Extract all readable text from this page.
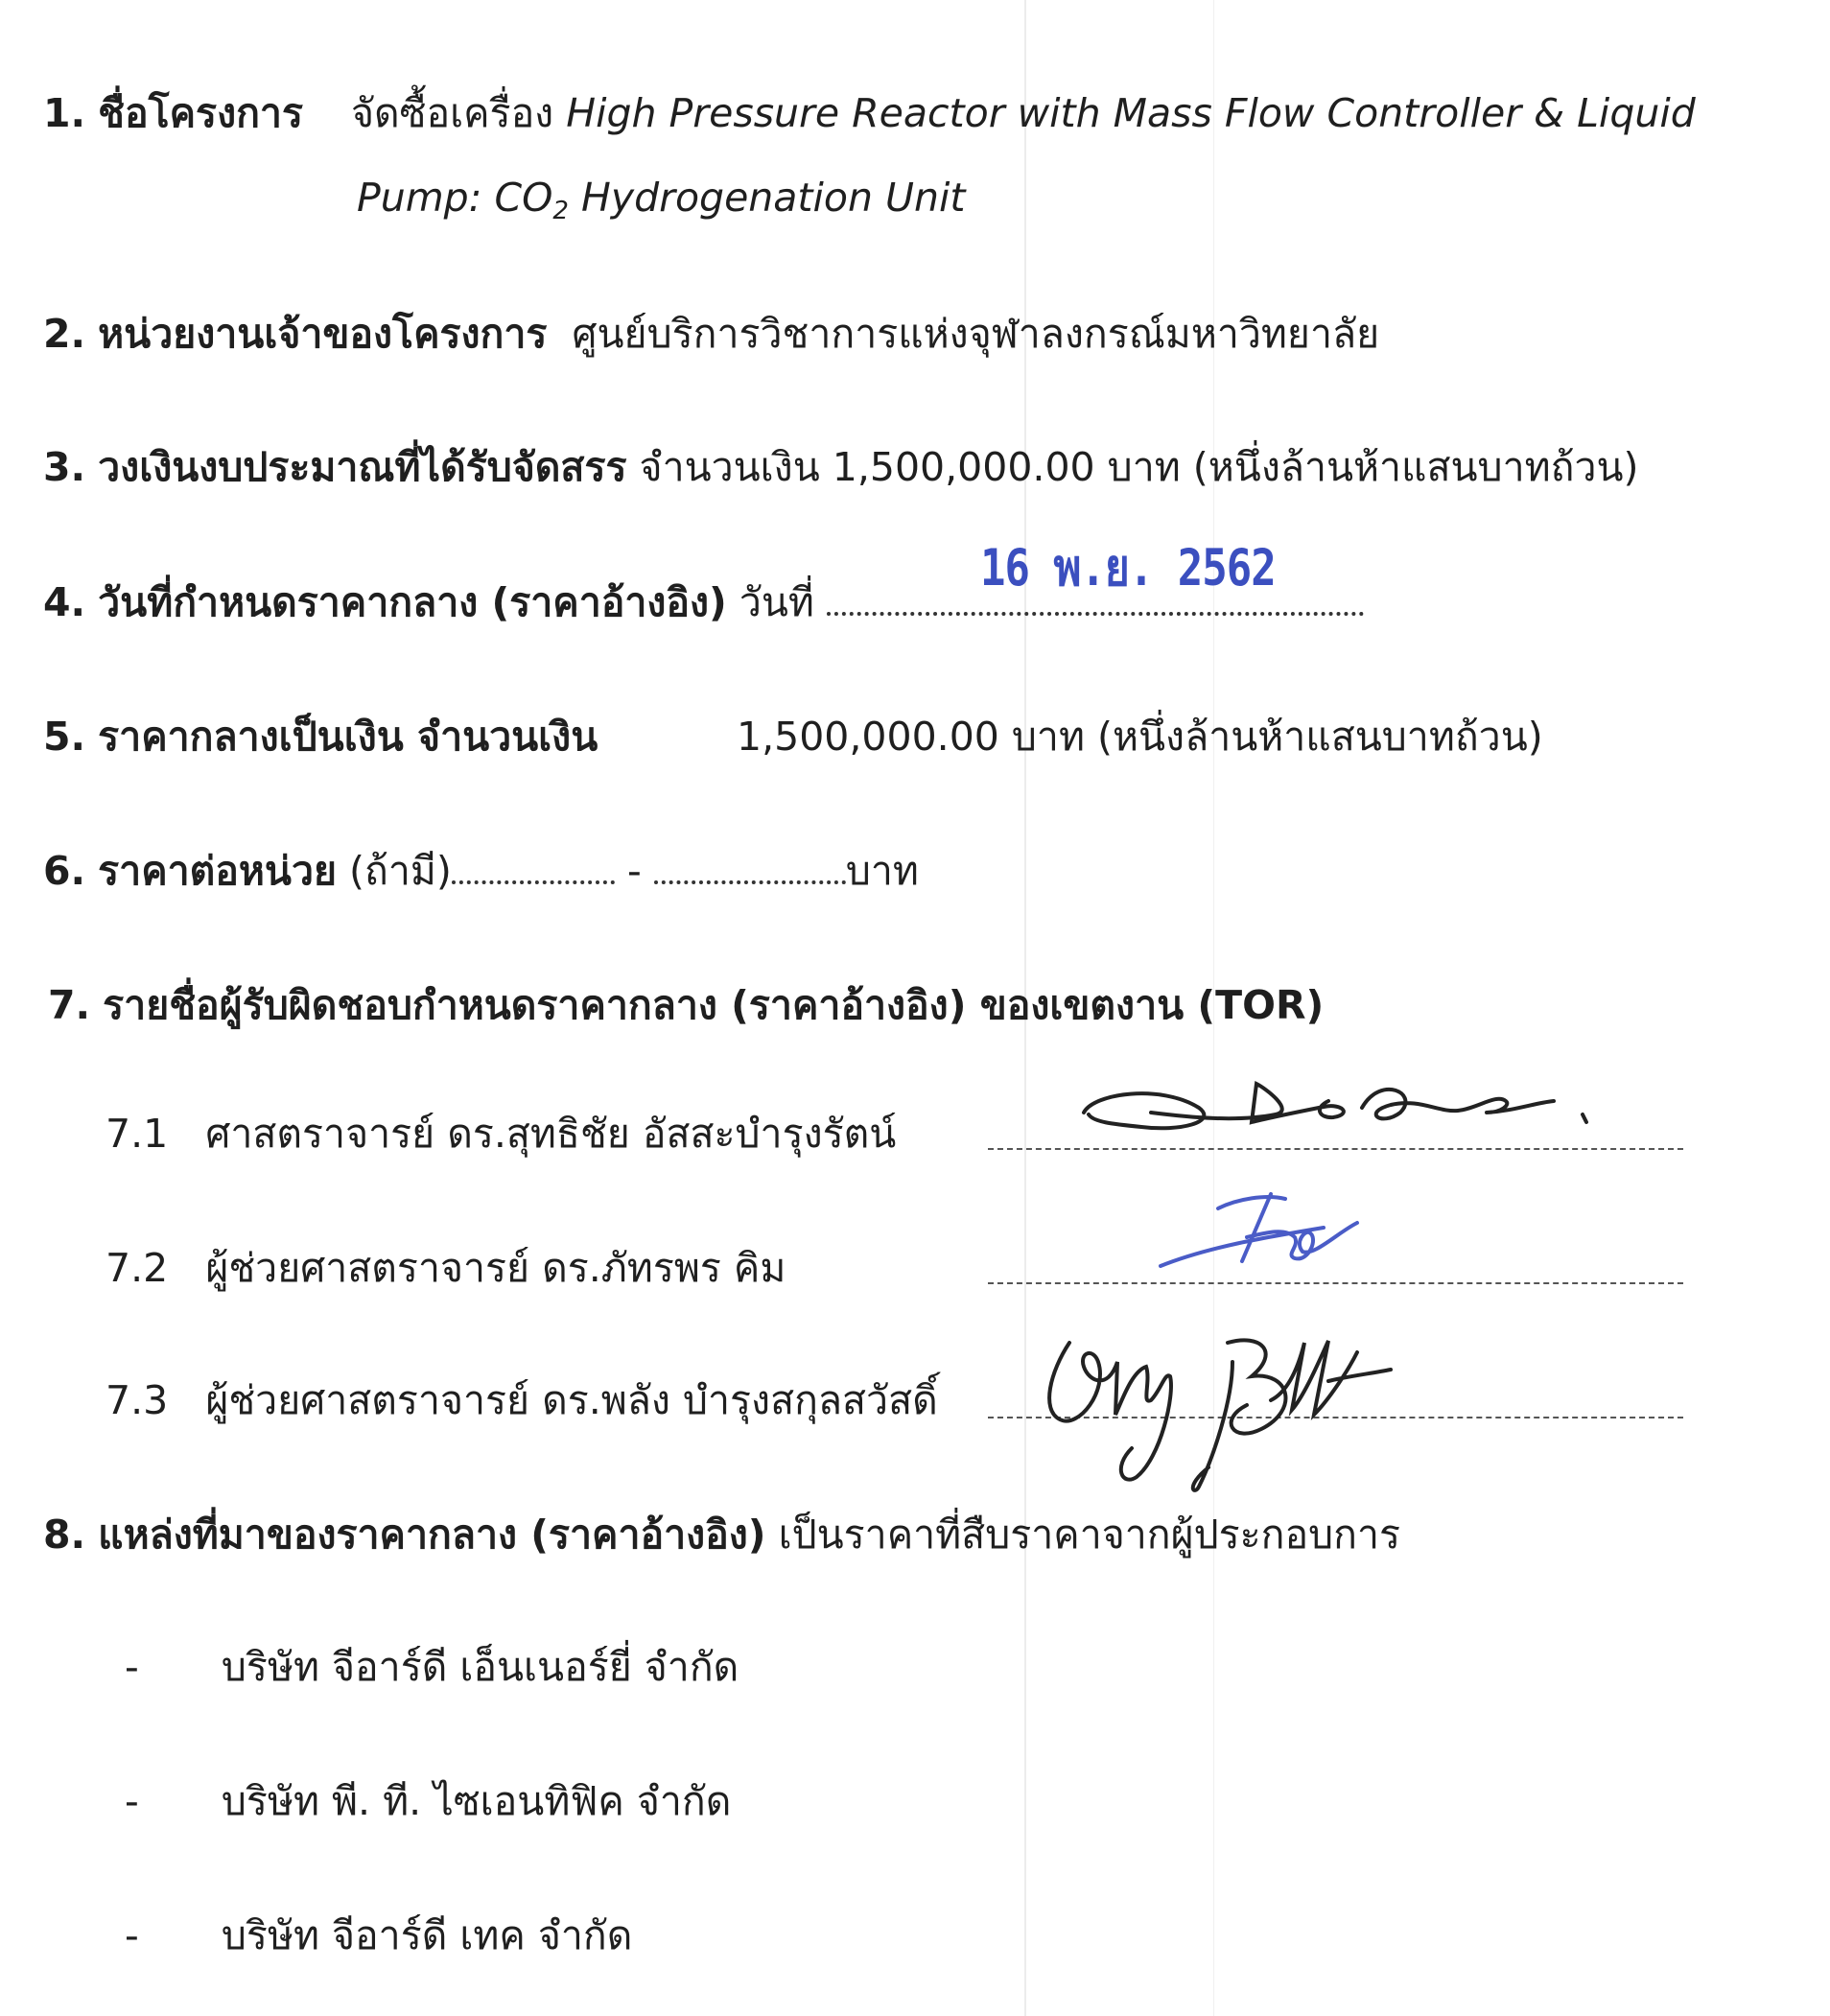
1. ชื่อโครงการ จัดซื้อเครื่อง High Pressure Reactor with Mass Flow Controller & Liquid
Pump: $CO_2$ Hydrogenation Unit
2. หน่วยงานเจ้าของโครงการ ศูนย์บริการวิชาการแห่งจุฬาลงกรณ์มหาวิทยาลัย
3. วงเงินงบประมาณที่ได้รับจัดสรร จำนวนเงิน 1,500,000.00 บาท (หนึ่งล้านห้าแสนบาทถ้วน)
16 พ.ย. 2562
4. วันที่กำหนดราคากลาง (ราคาอ้างอิง) วันที่
5. ราคากลางเป็นเงิน จำนวนเงิน	1,500,000.00 บาท (หนึ่งล้านห้าแสนบาทถ้วน)
6. ราคาต่อหน่วย (ถ้ามี)	-	บาท
7. รายชื่อผู้รับผิดชอบกำหนดราคากลาง (ราคาอ้างอิง) ของเขตงาน (TOR)
7.1 ศาสตราจารย์ ดร.สุทธิชัย อัสสะบำรุงรัตน์
7.2 ผู้ช่วยศาสตราจารย์ ดร.ภัทรพร คิม
7.3 ผู้ช่วยศาสตราจารย์ ดร.พลัง บำรุงสกุลสวัสดิ์
8. แหล่งที่มาของราคากลาง (ราคาอ้างอิง) เป็นราคาที่สืบราคาจากผู้ประกอบการ
- บริษัท จีอาร์ดี เอ็นเนอร์ยี่ จำกัด
- บริษัท พี. ที. ไซเอนทิฟิค จำกัด
- บริษัท จีอาร์ดี เทค จำกัด
